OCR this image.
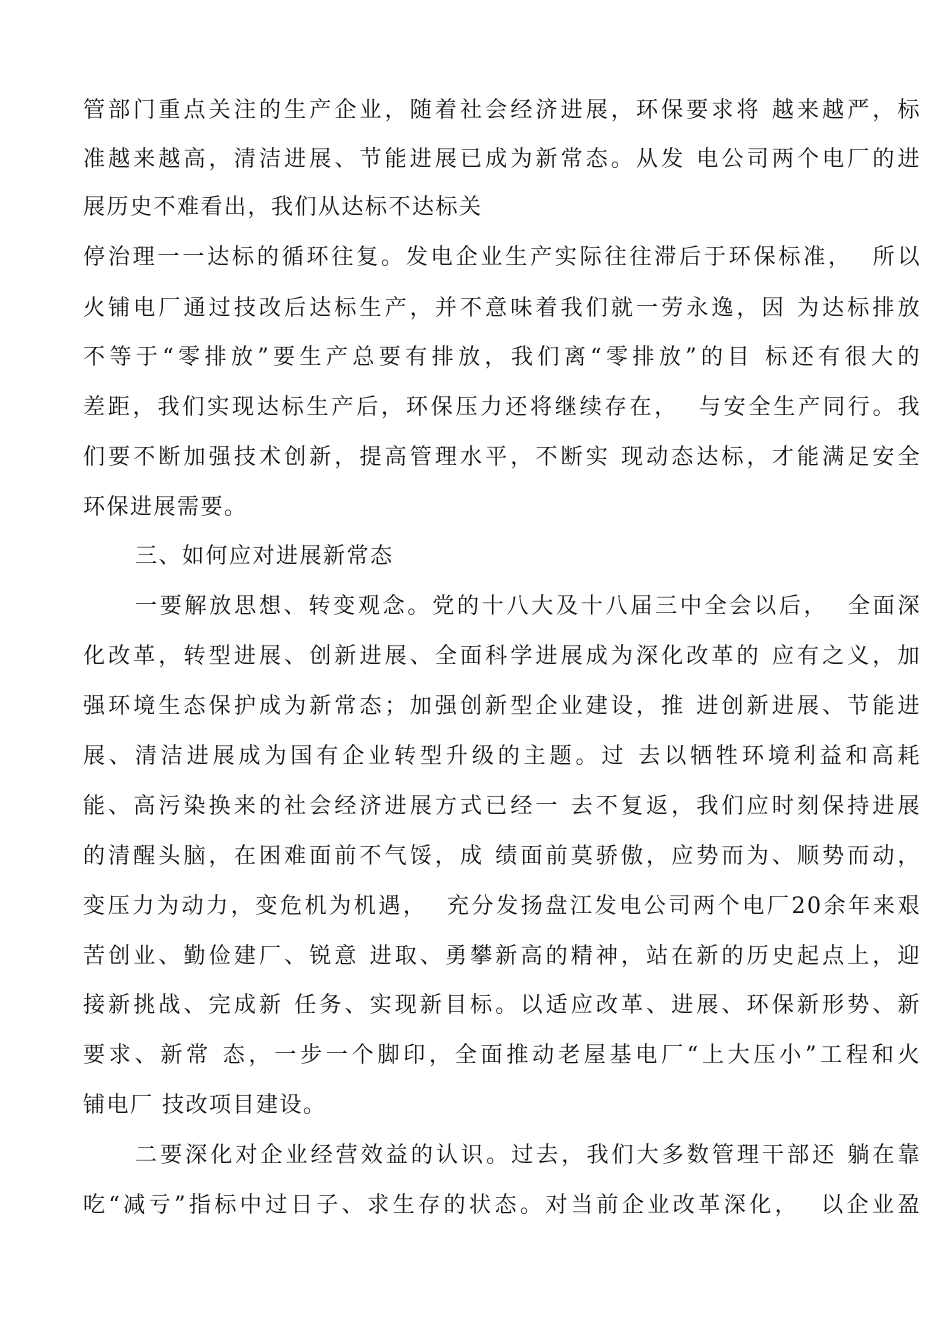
管部门重点关注的生产企业，随着社会经济进展，环保要求将 越来越严，标
准越来越高，清洁进展、节能进展已成为新常态。从发 电公司两个电厂的进
展历史不难看出，我们从达标不达标关
停治理一一达标的循环往复。发电企业生产实际往往滞后于环保标准，  所以
火铺电厂通过技改后达标生产，并不意味着我们就一劳永逸，因 为达标排放
不等于“零排放”要生产总要有排放，我们离“零排放”的目 标还有很大的
差距，我们实现达标生产后，环保压力还将继续存在，  与安全生产同行。我
们要不断加强技术创新，提高管理水平，不断实 现动态达标，才能满足安全
环保进展需要。
三、如何应对进展新常态
一要解放思想、转变观念。党的十八大及十八届三中全会以后，  全面深
化改革，转型进展、创新进展、全面科学进展成为深化改革的 应有之义，加
强环境生态保护成为新常态；加强创新型企业建设，推 进创新进展、节能进
展、清洁进展成为国有企业转型升级的主题。过 去以牺牲环境利益和高耗
能、高污染换来的社会经济进展方式已经一 去不复返，我们应时刻保持进展
的清醒头脑，在困难面前不气馁，成 绩面前莫骄傲，应势而为、顺势而动，
变压力为动力，变危机为机遇，  充分发扬盘江发电公司两个电厂20余年来艰
苦创业、勤俭建厂、锐意 进取、勇攀新高的精神，站在新的历史起点上，迎
接新挑战、完成新 任务、实现新目标。以适应改革、进展、环保新形势、新
要求、新常 态，一步一个脚印，全面推动老屋基电厂“上大压小”工程和火
铺电厂 技改项目建设。
二要深化对企业经营效益的认识。过去，我们大多数管理干部还 躺在靠
吃“减亏”指标中过日子、求生存的状态。对当前企业改革深化，  以企业盈
